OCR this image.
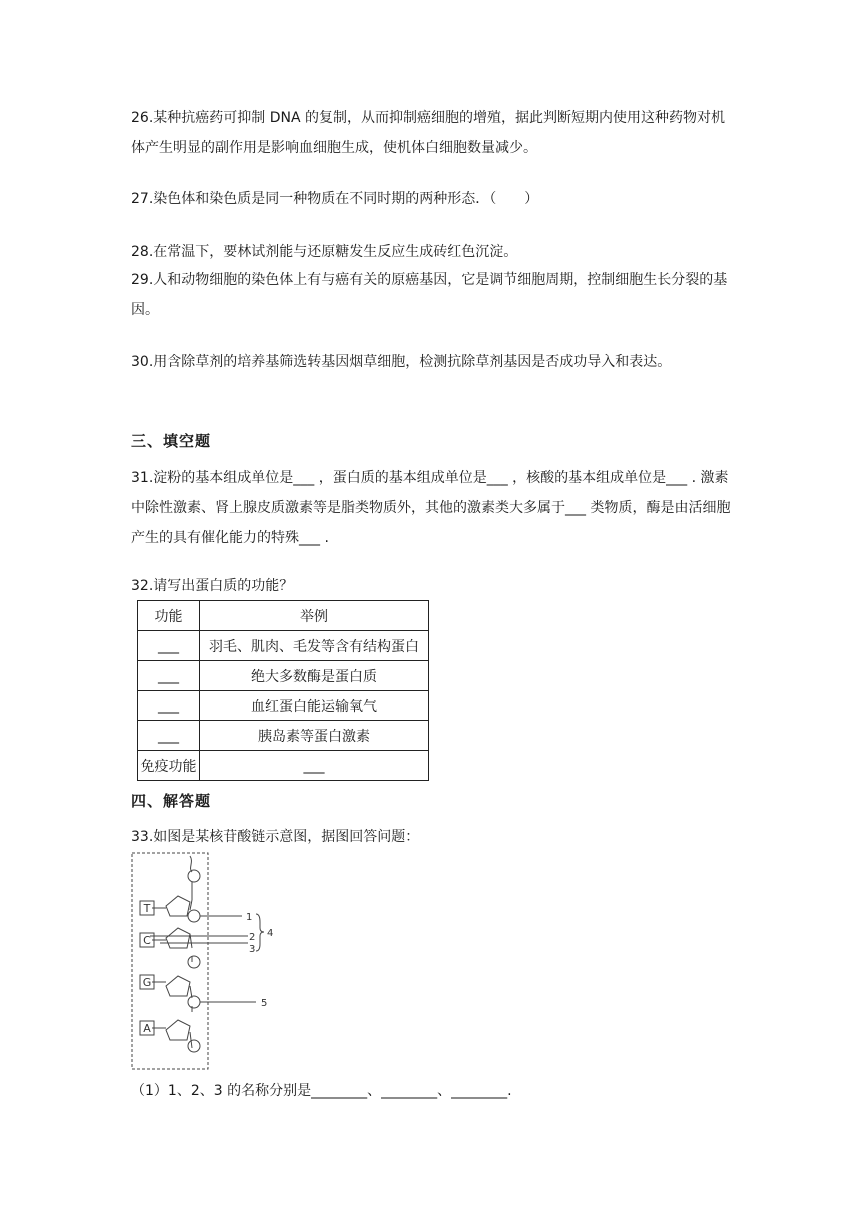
26.某种抗癌药可抑制 DNA 的复制，从而抑制癌细胞的增殖，据此判断短期内使用这种药物对机体产生明显的副作用是影响血细胞生成，使机体白细胞数量减少。

27.染色体和染色质是同一种物质在不同时期的两种形态．（　　）

28.在常温下，要林试剂能与还原糖发生反应生成砖红色沉淀。

29.人和动物细胞的染色体上有与癌有关的原癌基因，它是调节细胞周期，控制细胞生长分裂的基因。

30.用含除草剂的培养基筛选转基因烟草细胞，检测抗除草剂基因是否成功导入和表达。

三、填空题

31.淀粉的基本组成单位是___ ，蛋白质的基本组成单位是___ ，核酸的基本组成单位是___ . 激素中除性激素、肾上腺皮质激素等是脂类物质外，其他的激素类大多属于___ 类物质，酶是由活细胞产生的具有催化能力的特殊___ .

32.请写出蛋白质的功能？

功能	举例
___	羽毛、肌肉、毛发等含有结构蛋白
___	绝大多数酶是蛋白质
___	血红蛋白能运输氧气
___	胰岛素等蛋白激素
免疫功能	___
四、解答题

33.如图是某核苷酸链示意图，据图回答问题：

T
C
G
A
1
2
3
4
5

（1）1、2、3 的名称分别是________、________、________.
